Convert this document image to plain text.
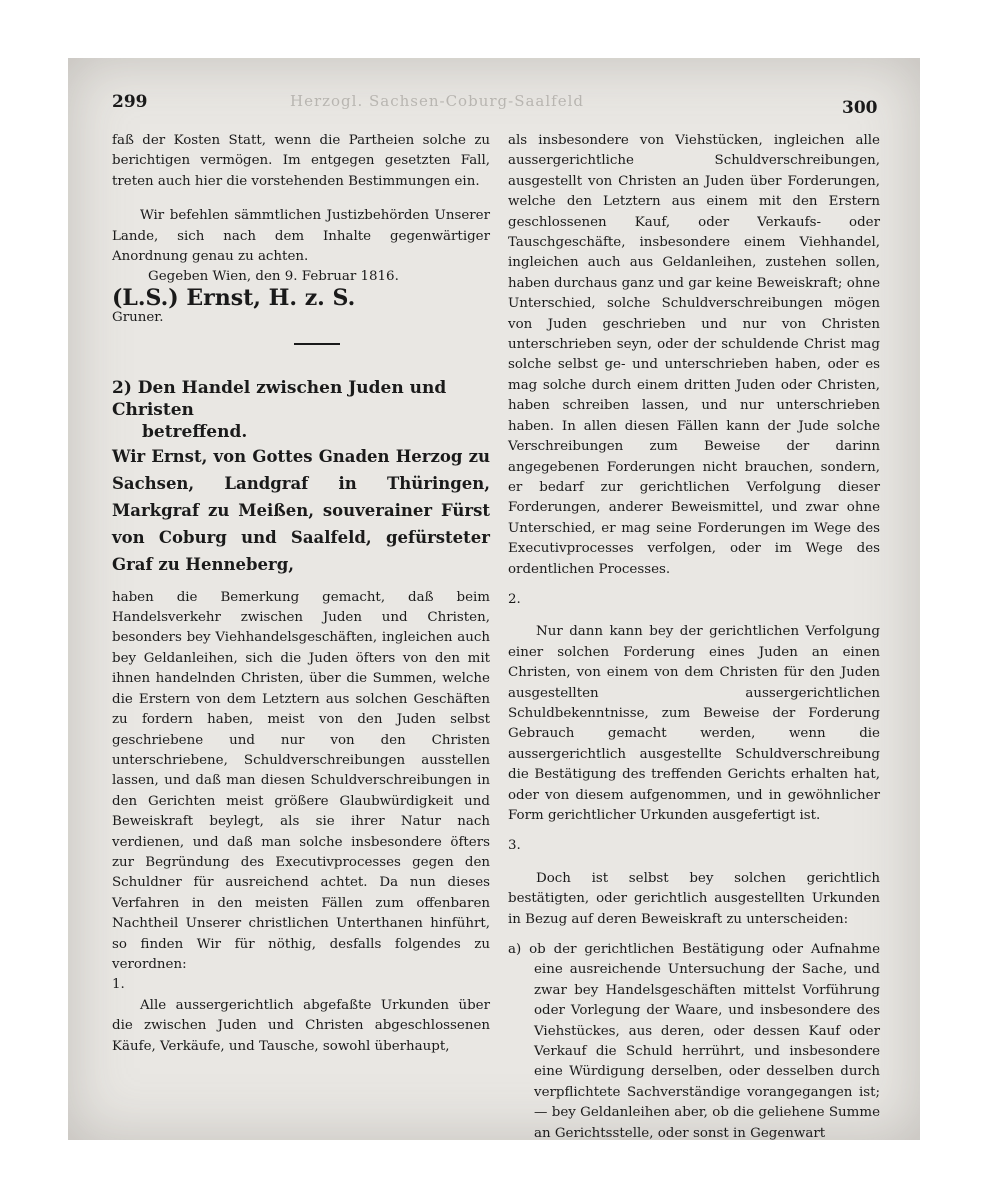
Herzogl. Sachsen-Coburg-Saalfeld
299	300

faß der Kosten Statt, wenn die Partheien solche zu berichtigen vermögen. Im entgegen gesetzten Fall, treten auch hier die vorstehenden Bestimmungen ein.

Wir befehlen sämmtlichen Justizbehörden Unserer Lande, sich nach dem Inhalte gegenwärtiger Anordnung genau zu achten.

Gegeben Wien, den 9. Februar 1816.

(L.S.) Ernst, H. z. S.

Gruner.

2) Den Handel zwischen Juden und Christen
betreffend.

Wir Ernst, von Gottes Gnaden Herzog zu Sachsen, Landgraf in Thüringen, Markgraf zu Meißen, souverainer Fürst von Coburg und Saalfeld, gefürsteter Graf zu Henneberg,

haben die Bemerkung gemacht, daß beim Handelsverkehr zwischen Juden und Christen, besonders bey Viehhandelsgeschäften, ingleichen auch bey Geldanleihen, sich die Juden öfters von den mit ihnen handelnden Christen, über die Summen, welche die Erstern von dem Letztern aus solchen Geschäften zu fordern haben, meist von den Juden selbst geschriebene und nur von den Christen unterschriebene, Schuldverschreibungen ausstellen lassen, und daß man diesen Schuldverschreibungen in den Gerichten meist größere Glaubwürdigkeit und Beweiskraft beylegt, als sie ihrer Natur nach verdienen, und daß man solche insbesondere öfters zur Begründung des Executivprocesses gegen den Schuldner für ausreichend achtet. Da nun dieses Verfahren in den meisten Fällen zum offenbaren Nachtheil Unserer christlichen Unterthanen hinführt, so finden Wir für nöthig, desfalls folgendes zu verordnen:

1.

Alle aussergerichtlich abgefaßte Urkunden über die zwischen Juden und Christen abgeschlossenen Käufe, Verkäufe, und Tausche, sowohl überhaupt,

als insbesondere von Viehstücken, ingleichen alle aussergerichtliche Schuldverschreibungen, ausgestellt von Christen an Juden über Forderungen, welche den Letztern aus einem mit den Erstern geschlossenen Kauf, oder Verkaufs- oder Tauschgeschäfte, insbesondere einem Viehhandel, ingleichen auch aus Geldanleihen, zustehen sollen, haben durchaus ganz und gar keine Beweiskraft; ohne Unterschied, solche Schuldverschreibungen mögen von Juden geschrieben und nur von Christen unterschrieben seyn, oder der schuldende Christ mag solche selbst ge- und unterschrieben haben, oder es mag solche durch einem dritten Juden oder Christen, haben schreiben lassen, und nur unterschrieben haben. In allen diesen Fällen kann der Jude solche Verschreibungen zum Beweise der darinn angegebenen Forderungen nicht brauchen, sondern, er bedarf zur gerichtlichen Verfolgung dieser Forderungen, anderer Beweismittel, und zwar ohne Unterschied, er mag seine Forderungen im Wege des Executivprocesses verfolgen, oder im Wege des ordentlichen Processes.

2.

Nur dann kann bey der gerichtlichen Verfolgung einer solchen Forderung eines Juden an einen Christen, von einem von dem Christen für den Juden ausgestellten aussergerichtlichen Schuldbekenntnisse, zum Beweise der Forderung Gebrauch gemacht werden, wenn die aussergerichtlich ausgestellte Schuldverschreibung die Bestätigung des treffenden Gerichts erhalten hat, oder von diesem aufgenommen, und in gewöhnlicher Form gerichtlicher Urkunden ausgefertigt ist.

3.

Doch ist selbst bey solchen gerichtlich bestätigten, oder gerichtlich ausgestellten Urkunden in Bezug auf deren Beweiskraft zu unterscheiden:

a) ob der gerichtlichen Bestätigung oder Aufnahme eine ausreichende Untersuchung der Sache, und zwar bey Handelsgeschäften mittelst Vorführung oder Vorlegung der Waare, und insbesondere des Viehstückes, aus deren, oder dessen Kauf oder Verkauf die Schuld herrührt, und insbesondere eine Würdigung derselben, oder desselben durch verpflichtete Sachverständige vorangegangen ist; — bey Geldanleihen aber, ob die geliehene Summe an Gerichtsstelle, oder sonst in Gegenwart
